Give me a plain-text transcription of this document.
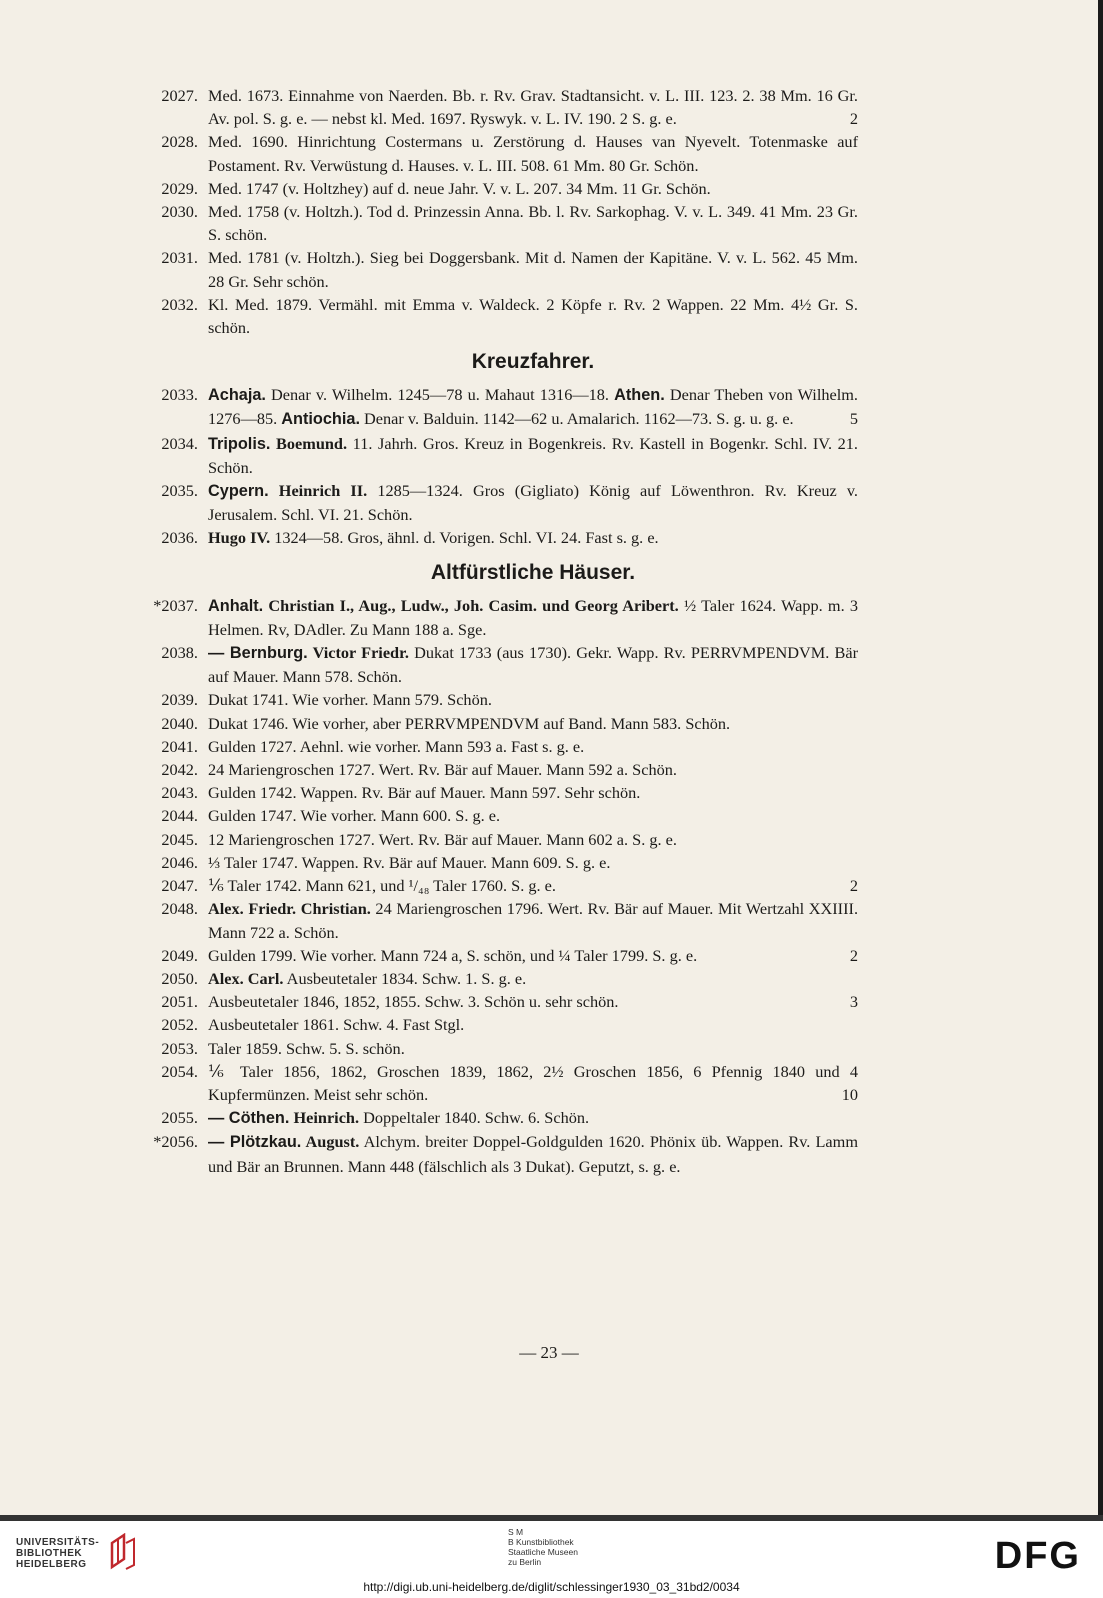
2027. Med. 1673. Einnahme von Naerden. Bb. r. Rv. Grav. Stadtansicht. v. L. III. 123. 2. 38 Mm. 16 Gr. Av. pol. S. g. e. — nebst kl. Med. 1697. Ryswyk. v. L. IV. 190. 2 S. g. e.	2
2028. Med. 1690. Hinrichtung Costermans u. Zerstörung d. Hauses van Nyevelt. Totenmaske auf Postament. Rv. Verwüstung d. Hauses. v. L. III. 508. 61 Mm. 80 Gr. Schön.
2029. Med. 1747 (v. Holtzhey) auf d. neue Jahr. V. v. L. 207. 34 Mm. 11 Gr. Schön.
2030. Med. 1758 (v. Holtzh.). Tod d. Prinzessin Anna. Bb. l. Rv. Sarkophag. V. v. L. 349. 41 Mm. 23 Gr. S. schön.
2031. Med. 1781 (v. Holtzh.). Sieg bei Doggersbank. Mit d. Namen der Kapitäne. V. v. L. 562. 45 Mm. 28 Gr. Sehr schön.
2032. Kl. Med. 1879. Vermähl. mit Emma v. Waldeck. 2 Köpfe r. Rv. 2 Wappen. 22 Mm. 4½ Gr. S. schön.
Kreuzfahrer.
2033. Achaja. Denar v. Wilhelm. 1245—78 u. Mahaut 1316—18. Athen. Denar Theben von Wilhelm. 1276—85. Antiochia. Denar v. Balduin. 1142—62 u. Amalarich. 1162—73. S. g. u. g. e.	5
2034. Tripolis. Boemund. 11. Jahrh. Gros. Kreuz in Bogenkreis. Rv. Kastell in Bogenkr. Schl. IV. 21. Schön.
2035. Cypern. Heinrich II. 1285—1324. Gros (Gigliato) König auf Löwenthron. Rv. Kreuz v. Jerusalem. Schl. VI. 21. Schön.
2036. Hugo IV. 1324—58. Gros, ähnl. d. Vorigen. Schl. VI. 24. Fast s. g. e.
Altfürstliche Häuser.
*2037. Anhalt. Christian I., Aug., Ludw., Joh. Casim. und Georg Aribert. ½ Taler 1624. Wapp. m. 3 Helmen. Rv, DAdler. Zu Mann 188 a. Sge.
2038. — Bernburg. Victor Friedr. Dukat 1733 (aus 1730). Gekr. Wapp. Rv. PERRVMPENDVM. Bär auf Mauer. Mann 578. Schön.
2039. Dukat 1741. Wie vorher. Mann 579. Schön.
2040. Dukat 1746. Wie vorher, aber PERRVMPENDVM auf Band. Mann 583. Schön.
2041. Gulden 1727. Aehnl. wie vorher. Mann 593 a. Fast s. g. e.
2042. 24 Mariengroschen 1727. Wert. Rv. Bär auf Mauer. Mann 592 a. Schön.
2043. Gulden 1742. Wappen. Rv. Bär auf Mauer. Mann 597. Sehr schön.
2044. Gulden 1747. Wie vorher. Mann 600. S. g. e.
2045. 12 Mariengroschen 1727. Wert. Rv. Bär auf Mauer. Mann 602 a. S. g. e.
2046. ⅓ Taler 1747. Wappen. Rv. Bär auf Mauer. Mann 609. S. g. e.
2047. ⅙ Taler 1742. Mann 621, und ¹/₄₈ Taler 1760. S. g. e.	2
2048. Alex. Friedr. Christian. 24 Mariengroschen 1796. Wert. Rv. Bär auf Mauer. Mit Wertzahl XXIIII. Mann 722 a. Schön.
2049. Gulden 1799. Wie vorher. Mann 724 a, S. schön, und ¼ Taler 1799. S. g. e.	2
2050. Alex. Carl. Ausbeutetaler 1834. Schw. 1. S. g. e.
2051. Ausbeutetaler 1846, 1852, 1855. Schw. 3. Schön u. sehr schön.	3
2052. Ausbeutetaler 1861. Schw. 4. Fast Stgl.
2053. Taler 1859. Schw. 5. S. schön.
2054. ⅙ Taler 1856, 1862, Groschen 1839, 1862, 2½ Groschen 1856, 6 Pfennig 1840 und 4 Kupfermünzen. Meist sehr schön.	10
2055. — Cöthen. Heinrich. Doppeltaler 1840. Schw. 6. Schön.
*2056. — Plötzkau. August. Alchym. breiter Doppel-Goldgulden 1620. Phönix üb. Wappen. Rv. Lamm und Bär an Brunnen. Mann 448 (fälschlich als 3 Dukat). Geputzt, s. g. e.
— 23 —
UNIVERSITÄTS-
BIBLIOTHEK
HEIDELBERG
S M
B Kunstbibliothek
Staatliche Museen
zu Berlin	DFG
http://digi.ub.uni-heidelberg.de/diglit/schlessinger1930_03_31bd2/0034
